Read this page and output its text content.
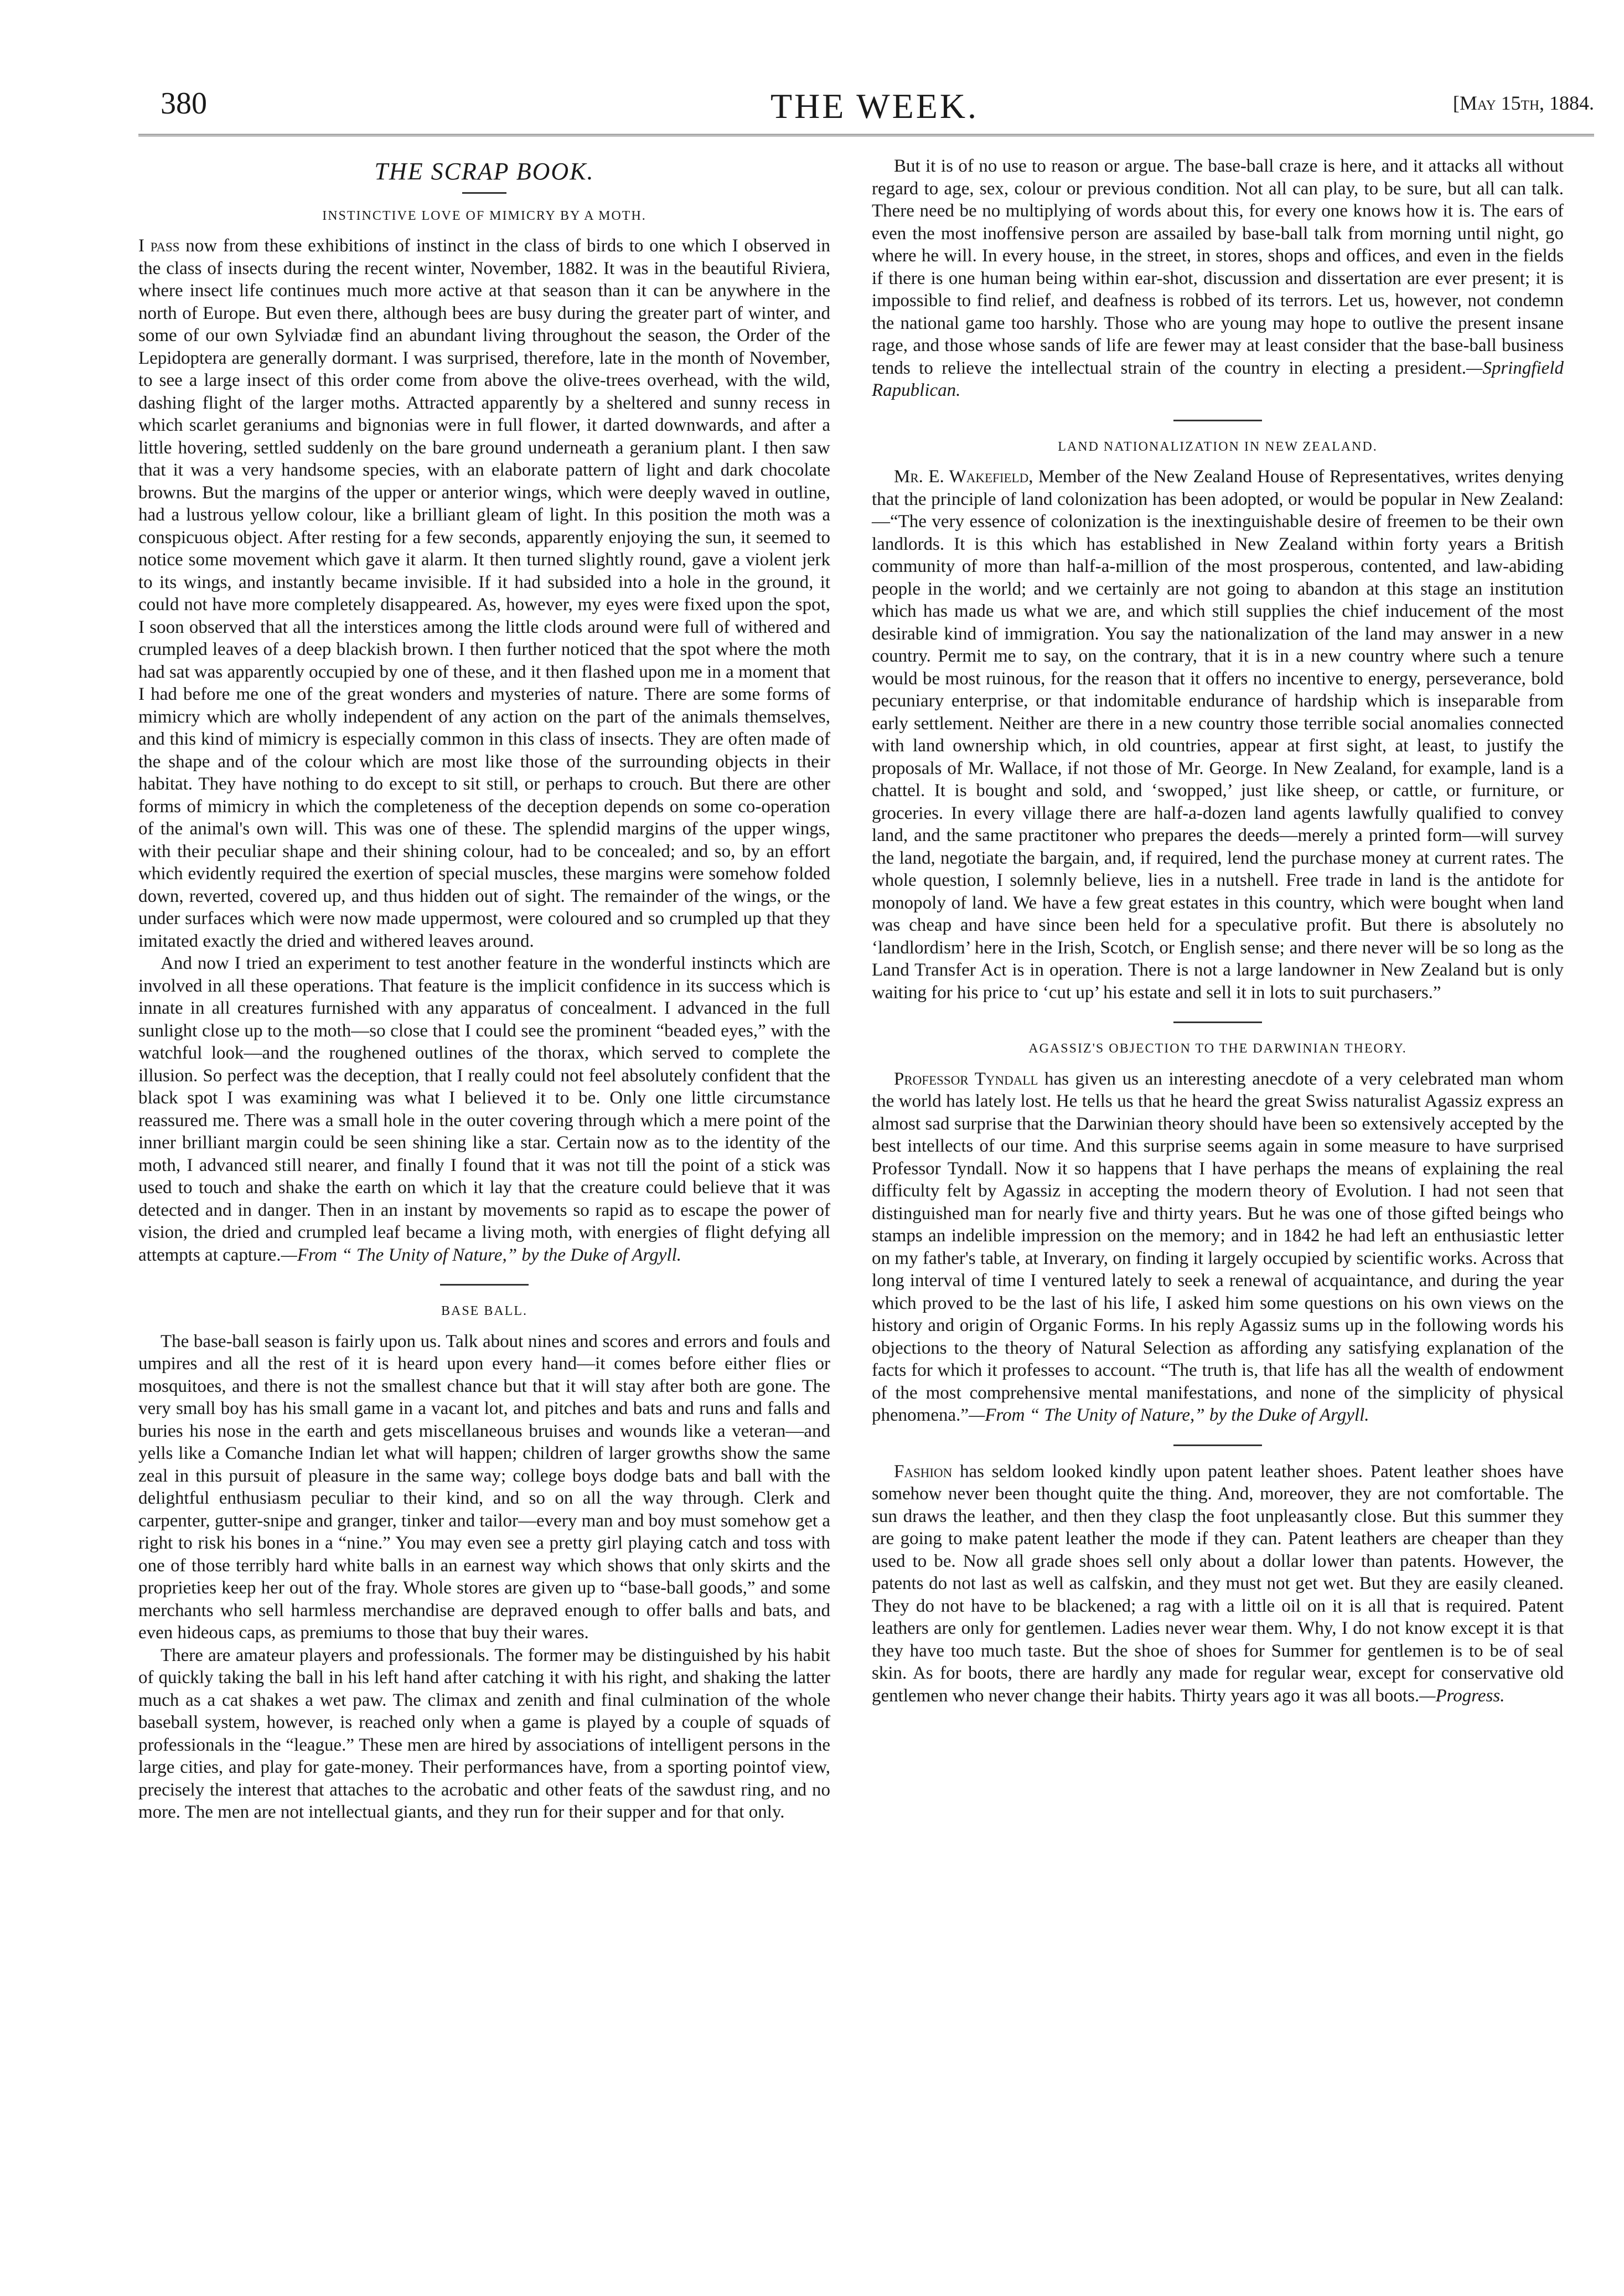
380	THE WEEK.	[May 15th, 1884.
THE SCRAP BOOK.
INSTINCTIVE LOVE OF MIMICRY BY A MOTH.

I pass now from these exhibitions of instinct in the class of birds to one which I observed in the class of insects during the recent winter, November, 1882. It was in the beautiful Riviera, where insect life continues much more active at that season than it can be anywhere in the north of Europe. But even there, although bees are busy during the greater part of winter, and some of our own Sylviadæ find an abundant living throughout the season, the Order of the Lepidoptera are generally dormant. I was surprised, therefore, late in the month of November, to see a large insect of this order come from above the olive-trees overhead, with the wild, dashing flight of the larger moths. Attracted apparently by a sheltered and sunny recess in which scarlet geraniums and bignonias were in full flower, it darted downwards, and after a little hovering, settled suddenly on the bare ground underneath a geranium plant. I then saw that it was a very handsome species, with an elaborate pattern of light and dark chocolate browns. But the margins of the upper or anterior wings, which were deeply waved in outline, had a lustrous yellow colour, like a brilliant gleam of light. In this position the moth was a conspicuous object. After resting for a few seconds, apparently enjoying the sun, it seemed to notice some movement which gave it alarm. It then turned slightly round, gave a violent jerk to its wings, and instantly became invisible. If it had subsided into a hole in the ground, it could not have more completely disappeared. As, however, my eyes were fixed upon the spot, I soon observed that all the interstices among the little clods around were full of withered and crumpled leaves of a deep blackish brown. I then further noticed that the spot where the moth had sat was apparently occupied by one of these, and it then flashed upon me in a moment that I had before me one of the great wonders and mysteries of nature. There are some forms of mimicry which are wholly independent of any action on the part of the animals themselves, and this kind of mimicry is especially common in this class of insects. They are often made of the shape and of the colour which are most like those of the surrounding objects in their habitat. They have nothing to do except to sit still, or perhaps to crouch. But there are other forms of mimicry in which the completeness of the deception depends on some co-operation of the animal's own will. This was one of these. The splendid margins of the upper wings, with their peculiar shape and their shining colour, had to be concealed; and so, by an effort which evidently required the exertion of special muscles, these margins were somehow folded down, reverted, covered up, and thus hidden out of sight. The remainder of the wings, or the under surfaces which were now made uppermost, were coloured and so crumpled up that they imitated exactly the dried and withered leaves around.

And now I tried an experiment to test another feature in the wonderful instincts which are involved in all these operations. That feature is the implicit confidence in its success which is innate in all creatures furnished with any apparatus of concealment. I advanced in the full sunlight close up to the moth—so close that I could see the prominent “beaded eyes,” with the watchful look—and the roughened outlines of the thorax, which served to complete the illusion. So perfect was the deception, that I really could not feel absolutely confident that the black spot I was examining was what I believed it to be. Only one little circumstance reassured me. There was a small hole in the outer covering through which a mere point of the inner brilliant margin could be seen shining like a star. Certain now as to the identity of the moth, I advanced still nearer, and finally I found that it was not till the point of a stick was used to touch and shake the earth on which it lay that the creature could believe that it was detected and in danger. Then in an instant by movements so rapid as to escape the power of vision, the dried and crumpled leaf became a living moth, with energies of flight defying all attempts at capture.—From “ The Unity of Nature,” by the Duke of Argyll.

BASE BALL.

The base-ball season is fairly upon us. Talk about nines and scores and errors and fouls and umpires and all the rest of it is heard upon every hand—it comes before either flies or mosquitoes, and there is not the smallest chance but that it will stay after both are gone. The very small boy has his small game in a vacant lot, and pitches and bats and runs and falls and buries his nose in the earth and gets miscellaneous bruises and wounds like a veteran—and yells like a Comanche Indian let what will happen; children of larger growths show the same zeal in this pursuit of pleasure in the same way; college boys dodge bats and ball with the delightful enthusiasm peculiar to their kind, and so on all the way through. Clerk and carpenter, gutter-snipe and granger, tinker and tailor—every man and boy must somehow get a right to risk his bones in a “nine.” You may even see a pretty girl playing catch and toss with one of those terribly hard white balls in an earnest way which shows that only skirts and the proprieties keep her out of the fray. Whole stores are given up to “base-ball goods,” and some merchants who sell harmless merchandise are depraved enough to offer balls and bats, and even hideous caps, as premiums to those that buy their wares.

There are amateur players and professionals. The former may be distinguished by his habit of quickly taking the ball in his left hand after catching it with his right, and shaking the latter much as a cat shakes a wet paw. The climax and zenith and final culmination of the whole baseball system, however, is reached only when a game is played by a couple of squads of professionals in the “league.” These men are hired by associations of intelligent persons in the large cities, and play for gate-money. Their performances have, from a sporting pointof view, precisely the interest that attaches to the acrobatic and other feats of the sawdust ring, and no more. The men are not intellectual giants, and they run for their supper and for that only.

But it is of no use to reason or argue. The base-ball craze is here, and it attacks all without regard to age, sex, colour or previous condition. Not all can play, to be sure, but all can talk. There need be no multiplying of words about this, for every one knows how it is. The ears of even the most inoffensive person are assailed by base-ball talk from morning until night, go where he will. In every house, in the street, in stores, shops and offices, and even in the fields if there is one human being within ear-shot, discussion and dissertation are ever present; it is impossible to find relief, and deafness is robbed of its terrors. Let us, however, not condemn the national game too harshly. Those who are young may hope to outlive the present insane rage, and those whose sands of life are fewer may at least consider that the base-ball business tends to relieve the intellectual strain of the country in electing a president.—Springfield Rapublican.

LAND NATIONALIZATION IN NEW ZEALAND.

Mr. E. Wakefield, Member of the New Zealand House of Representatives, writes denying that the principle of land colonization has been adopted, or would be popular in New Zealand:—“The very essence of colonization is the inextinguishable desire of freemen to be their own landlords. It is this which has established in New Zealand within forty years a British community of more than half-a-million of the most prosperous, contented, and law-abiding people in the world; and we certainly are not going to abandon at this stage an institution which has made us what we are, and which still supplies the chief inducement of the most desirable kind of immigration. You say the nationalization of the land may answer in a new country. Permit me to say, on the contrary, that it is in a new country where such a tenure would be most ruinous, for the reason that it offers no incentive to energy, perseverance, bold pecuniary enterprise, or that indomitable endurance of hardship which is inseparable from early settlement. Neither are there in a new country those terrible social anomalies connected with land ownership which, in old countries, appear at first sight, at least, to justify the proposals of Mr. Wallace, if not those of Mr. George. In New Zealand, for example, land is a chattel. It is bought and sold, and ‘swopped,’ just like sheep, or cattle, or furniture, or groceries. In every village there are half-a-dozen land agents lawfully qualified to convey land, and the same practitoner who prepares the deeds—merely a printed form—will survey the land, negotiate the bargain, and, if required, lend the purchase money at current rates. The whole question, I solemnly believe, lies in a nutshell. Free trade in land is the antidote for monopoly of land. We have a few great estates in this country, which were bought when land was cheap and have since been held for a speculative profit. But there is absolutely no ‘landlordism’ here in the Irish, Scotch, or English sense; and there never will be so long as the Land Transfer Act is in operation. There is not a large landowner in New Zealand but is only waiting for his price to ‘cut up’ his estate and sell it in lots to suit purchasers.”

AGASSIZ'S OBJECTION TO THE DARWINIAN THEORY.

Professor Tyndall has given us an interesting anecdote of a very celebrated man whom the world has lately lost. He tells us that he heard the great Swiss naturalist Agassiz express an almost sad surprise that the Darwinian theory should have been so extensively accepted by the best intellects of our time. And this surprise seems again in some measure to have surprised Professor Tyndall. Now it so happens that I have perhaps the means of explaining the real difficulty felt by Agassiz in accepting the modern theory of Evolution. I had not seen that distinguished man for nearly five and thirty years. But he was one of those gifted beings who stamps an indelible impression on the memory; and in 1842 he had left an enthusiastic letter on my father's table, at Inverary, on finding it largely occupied by scientific works. Across that long interval of time I ventured lately to seek a renewal of acquaintance, and during the year which proved to be the last of his life, I asked him some questions on his own views on the history and origin of Organic Forms. In his reply Agassiz sums up in the following words his objections to the theory of Natural Selection as affording any satisfying explanation of the facts for which it professes to account. “The truth is, that life has all the wealth of endowment of the most comprehensive mental manifestations, and none of the simplicity of physical phenomena.”—From “ The Unity of Nature,” by the Duke of Argyll.

Fashion has seldom looked kindly upon patent leather shoes. Patent leather shoes have somehow never been thought quite the thing. And, moreover, they are not comfortable. The sun draws the leather, and then they clasp the foot unpleasantly close. But this summer they are going to make patent leather the mode if they can. Patent leathers are cheaper than they used to be. Now all grade shoes sell only about a dollar lower than patents. However, the patents do not last as well as calfskin, and they must not get wet. But they are easily cleaned. They do not have to be blackened; a rag with a little oil on it is all that is required. Patent leathers are only for gentlemen. Ladies never wear them. Why, I do not know except it is that they have too much taste. But the shoe of shoes for Summer for gentlemen is to be of seal skin. As for boots, there are hardly any made for regular wear, except for conservative old gentlemen who never change their habits. Thirty years ago it was all boots.—Progress.
